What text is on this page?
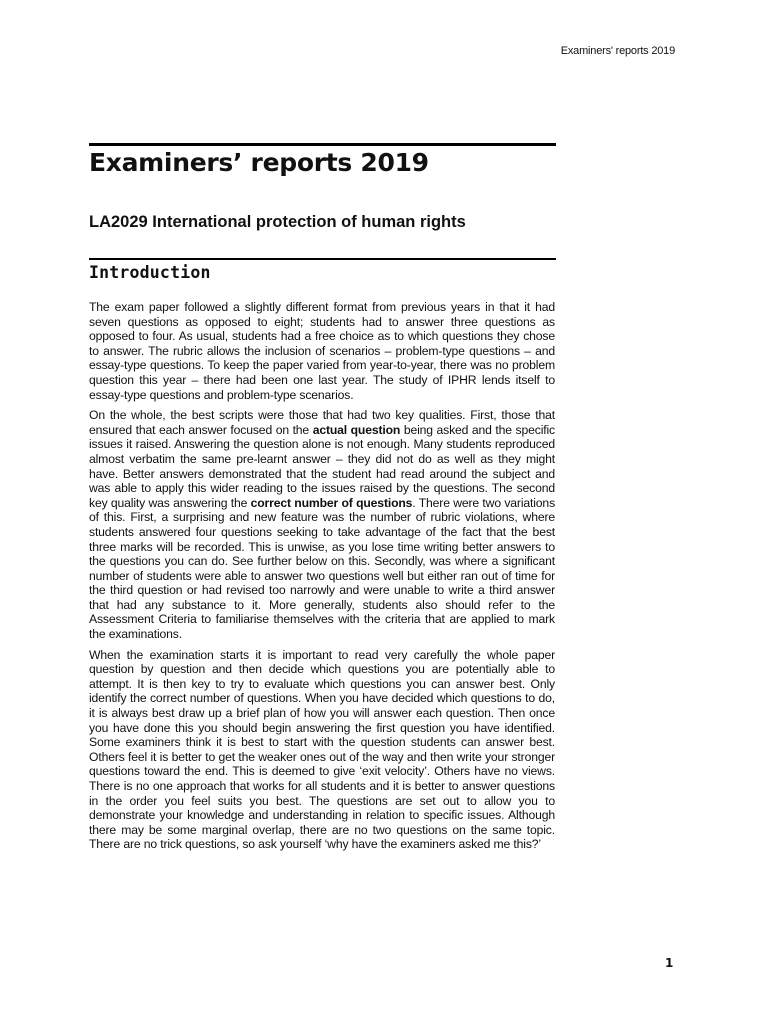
Examiners' reports 2019
Examiners’ reports 2019
LA2029 International protection of human rights
Introduction

The exam paper followed a slightly different format from previous years in that it had seven questions as opposed to eight; students had to answer three questions as opposed to four. As usual, students had a free choice as to which questions they chose to answer. The rubric allows the inclusion of scenarios – problem-type questions – and essay-type questions. To keep the paper varied from year-to-year, there was no problem question this year – there had been one last year. The study of IPHR lends itself to essay-type questions and problem-type scenarios.

On the whole, the best scripts were those that had two key qualities. First, those that ensured that each answer focused on the actual question being asked and the specific issues it raised. Answering the question alone is not enough. Many students reproduced almost verbatim the same pre-learnt answer – they did not do as well as they might have. Better answers demonstrated that the student had read around the subject and was able to apply this wider reading to the issues raised by the questions. The second key quality was answering the correct number of questions. There were two variations of this. First, a surprising and new feature was the number of rubric violations, where students answered four questions seeking to take advantage of the fact that the best three marks will be recorded. This is unwise, as you lose time writing better answers to the questions you can do. See further below on this. Secondly, was where a significant number of students were able to answer two questions well but either ran out of time for the third question or had revised too narrowly and were unable to write a third answer that had any substance to it. More generally, students also should refer to the Assessment Criteria to familiarise themselves with the criteria that are applied to mark the examinations.

When the examination starts it is important to read very carefully the whole paper question by question and then decide which questions you are potentially able to attempt. It is then key to try to evaluate which questions you can answer best. Only identify the correct number of questions. When you have decided which questions to do, it is always best draw up a brief plan of how you will answer each question. Then once you have done this you should begin answering the first question you have identified. Some examiners think it is best to start with the question students can answer best. Others feel it is better to get the weaker ones out of the way and then write your stronger questions toward the end. This is deemed to give ‘exit velocity’. Others have no views. There is no one approach that works for all students and it is better to answer questions in the order you feel suits you best. The questions are set out to allow you to demonstrate your knowledge and understanding in relation to specific issues. Although there may be some marginal overlap, there are no two questions on the same topic. There are no trick questions, so ask yourself ‘why have the examiners asked me this?’

1
